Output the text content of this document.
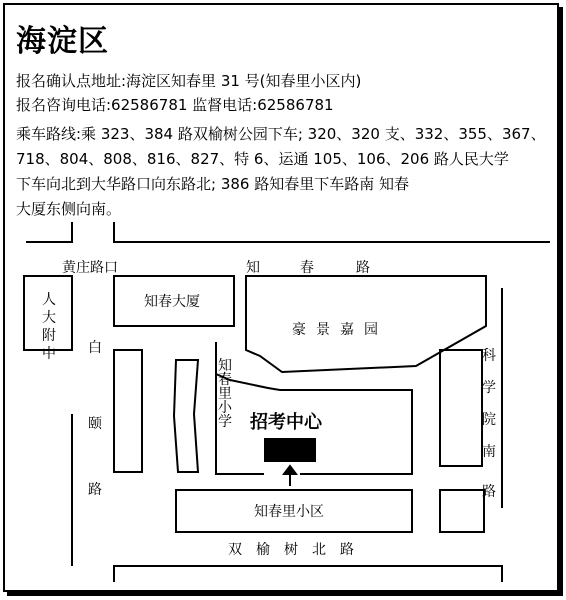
海淀区
报名确认点地址:海淀区知春里 31 号(知春里小区内)
报名咨询电话:62586781 监督电话:62586781
乘车路线:乘 323、384 路双榆树公园下车; 320、320 支、332、355、367、
718、804、808、816、827、特 6、运通 105、106、206 路人民大学
下车向北到大华路口向东路北; 386 路知春里下车路南 知春
大厦东侧向南。
黄庄路口	知	春	路
人
大
附
中
知春大厦
豪 景 嘉 园
白
颐
路
知
春
里
小
学 招考中心
科
学
院
南
路
知春里小区
双 榆 树 北 路
